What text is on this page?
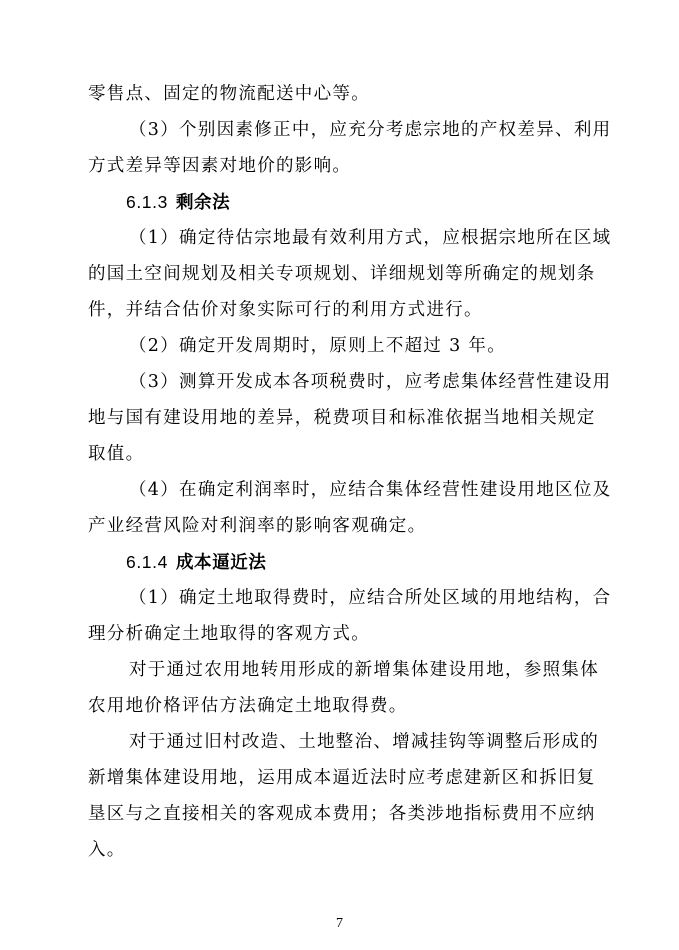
零售点、固定的物流配送中心等。
（3）个别因素修正中，应充分考虑宗地的产权差异、利用
方式差异等因素对地价的影响。
6.1.3 剩余法
（1）确定待估宗地最有效利用方式，应根据宗地所在区域
的国土空间规划及相关专项规划、详细规划等所确定的规划条
件，并结合估价对象实际可行的利用方式进行。
（2）确定开发周期时，原则上不超过 3 年。
（3）测算开发成本各项税费时，应考虑集体经营性建设用
地与国有建设用地的差异，税费项目和标准依据当地相关规定
取值。
（4）在确定利润率时，应结合集体经营性建设用地区位及
产业经营风险对利润率的影响客观确定。
6.1.4 成本逼近法
（1）确定土地取得费时，应结合所处区域的用地结构，合
理分析确定土地取得的客观方式。
对于通过农用地转用形成的新增集体建设用地，参照集体
农用地价格评估方法确定土地取得费。
对于通过旧村改造、土地整治、增减挂钩等调整后形成的
新增集体建设用地，运用成本逼近法时应考虑建新区和拆旧复
垦区与之直接相关的客观成本费用；各类涉地指标费用不应纳
入。
7
